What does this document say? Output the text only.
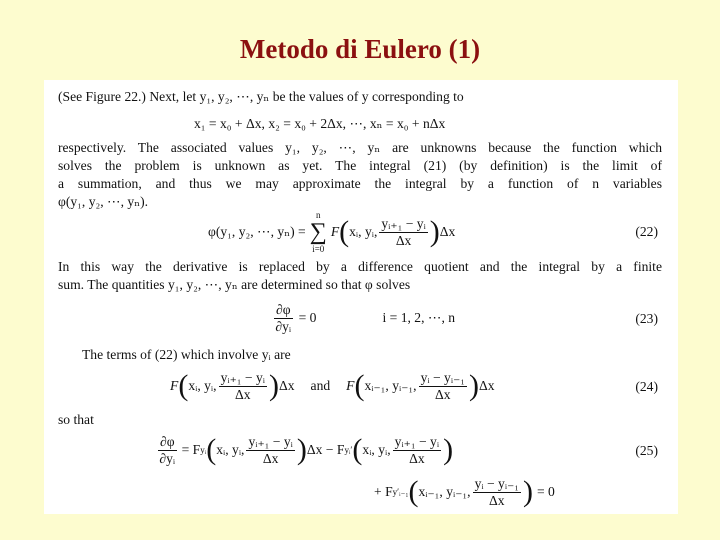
Metodo di Eulero (1)
(See Figure 22.) Next, let y₁, y₂, ⋯, yₙ be the values of y corresponding to
x₁ = x₀ + Δx, x₂ = x₀ + 2Δx, ⋯, xₙ = x₀ + nΔx
respectively. The associated values y₁, y₂, ⋯, yₙ are unknowns because the function which
solves the problem is unknown as yet. The integral (21) (by definition) is the limit of
a summation, and thus we may approximate the integral by a function of n variables
φ(y₁, y₂, ⋯, yₙ).
φ(y₁, y₂, ⋯, yₙ) =
n
∑
i=0
F ( xᵢ, yᵢ, $\frac{\text{yᵢ₊₁ − yᵢ}}{\Delta x}$ ) Δx	(22)
In this way the derivative is replaced by a difference quotient and the integral by a finite
sum. The quantities y₁, y₂, ⋯, yₙ are determined so that φ solves
$\frac{\partial\varphi}{\text{∂yᵢ}} = 0$	i = 1, 2, ⋯, n	(23)
The terms of (22) which involve yᵢ are
F ( xᵢ, yᵢ, $\frac{\text{yᵢ₊₁ − yᵢ}}{\Delta x}$ ) Δx and F ( xᵢ₋₁, yᵢ₋₁, $\frac{\text{yᵢ − yᵢ₋₁}}{\Delta x}$ ) Δx	(24)
so that
$\frac{\partial\varphi}{\text{∂yᵢ}} = F$ yᵢ ( xᵢ, yᵢ, $\frac{\text{yᵢ₊₁ − yᵢ}}{\Delta x}$ ) Δx − F yᵢ′ ( xᵢ, yᵢ, $\frac{\text{yᵢ₊₁ − yᵢ}}{\Delta x}$ )	(25)
+ F y′ᵢ₋₁ ( xᵢ₋₁, yᵢ₋₁, $\frac{\text{yᵢ − yᵢ₋₁}}{\Delta x}$ ) = 0
